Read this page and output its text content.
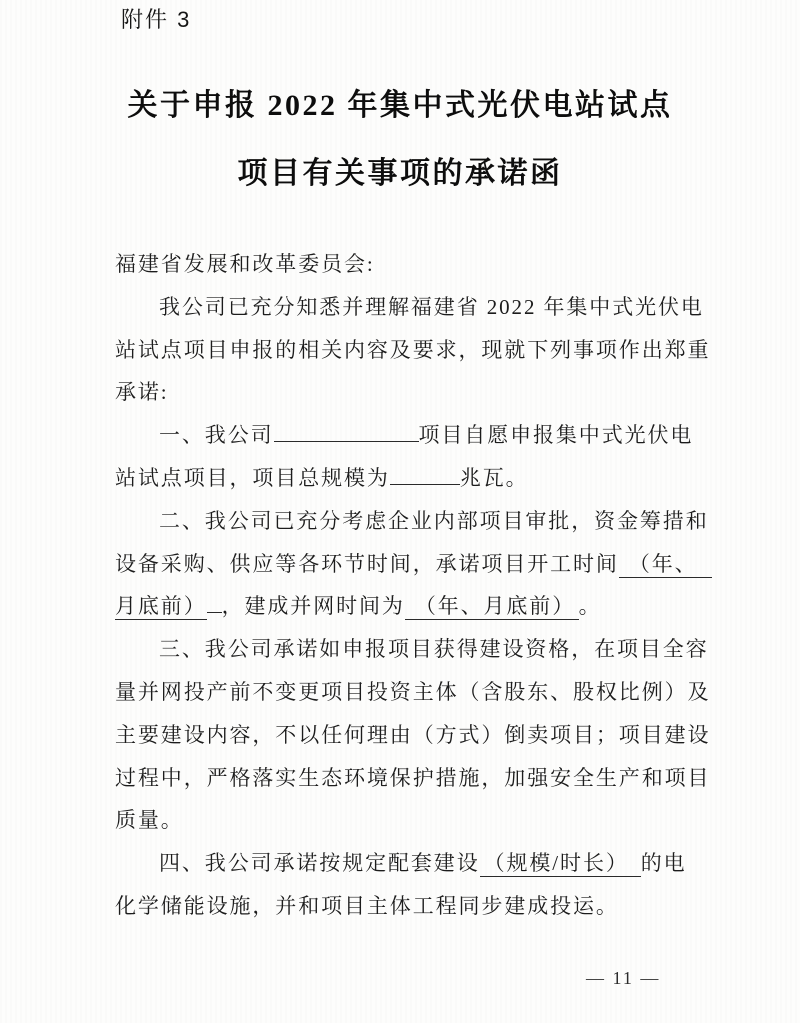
附件 3
关于申报 2022 年集中式光伏电站试点
项目有关事项的承诺函

福建省发展和改革委员会:

我公司已充分知悉并理解福建省 2022 年集中式光伏电

站试点项目申报的相关内容及要求，现就下列事项作出郑重

承诺:

一、我公司	项目自愿申报集中式光伏电

站试点项目，项目总规模为	兆瓦。

二、我公司已充分考虑企业内部项目审批，资金筹措和

设备采购、供应等各环节时间，承诺项目开工时间 （年、

月底前） ，建成并网时间为 （年、月底前） 。

三、我公司承诺如申报项目获得建设资格，在项目全容

量并网投产前不变更项目投资主体（含股东、股权比例）及

主要建设内容，不以任何理由（方式）倒卖项目；项目建设

过程中，严格落实生态环境保护措施，加强安全生产和项目

质量。

四、我公司承诺按规定配套建设 （规模/时长） 的电

化学储能设施，并和项目主体工程同步建成投运。

— 11 —
